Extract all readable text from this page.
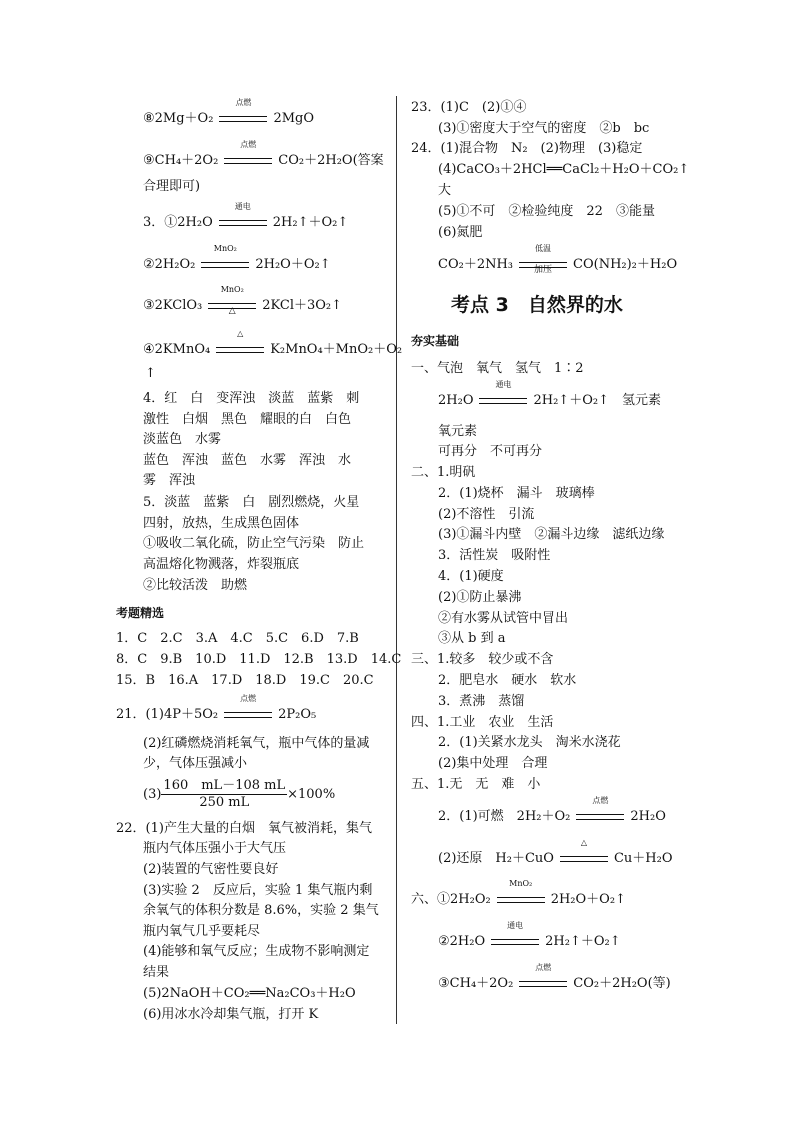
⑧2Mg＋O₂
点燃
2MgO
⑨CH₄＋2O₂
点燃
CO₂＋2H₂O(答案
合理即可)
3．①2H₂O
通电
2H₂↑＋O₂↑
②2H₂O₂
MnO₂
2H₂O＋O₂↑
③2KClO₃
MnO₂
△	2KCl＋3O₂↑
④2KMnO₄
△
K₂MnO₄＋MnO₂＋O₂
↑
4．红　白　变浑浊　淡蓝　蓝紫　刺
激性　白烟　黑色　耀眼的白　白色
淡蓝色　水雾
蓝色　浑浊　蓝色　水雾　浑浊　水
雾　浑浊
5．淡蓝　蓝紫　白　剧烈燃烧，火星
四射，放热，生成黑色固体
①吸收二氧化硫，防止空气污染　防止
高温熔化物溅落，炸裂瓶底
②比较活泼　助燃
考题精选
1．C　2.C　3.A　4.C　5.C　6.D　7.B
8．C　9.B　10.D　11.D　12.B　13.D　14.C
15．B　16.A　17.D　18.D　19.C　20.C
21．(1)4P＋5O₂
点燃
2P₂O₅
(2)红磷燃烧消耗氧气，瓶中气体的量减
少，气体压强减小
$(3) \frac{160 mL-108 mL}{250 mL} \times 100\%$
22．(1)产生大量的白烟　氧气被消耗，集气
瓶内气体压强小于大气压
(2)装置的气密性要良好
(3)实验 2　反应后，实验 1 集气瓶内剩
余氧气的体积分数是 8.6%，实验 2 集气
瓶内氧气几乎要耗尽
(4)能够和氧气反应；生成物不影响测定
结果
(5)2NaOH＋CO₂══Na₂CO₃＋H₂O
(6)用冰水冷却集气瓶，打开 K
23．(1)C　(2)①④
(3)①密度大于空气的密度　②b　bc
24．(1)混合物　N₂　(2)物理　(3)稳定
(4)CaCO₃＋2HCl══CaCl₂＋H₂O＋CO₂↑
大
(5)①不可　②检验纯度　22　③能量
(6)氮肥
CO₂＋2NH₃
低温
加压	CO(NH₂)₂＋H₂O
考点 3　自然界的水
夯实基础
一、气泡　氧气　氢气　1∶2
2H₂O
通电
2H₂↑＋O₂↑　氢元素
氧元素
可再分　不可再分
二、1.明矾
2．(1)烧杯　漏斗　玻璃棒
(2)不溶性　引流
(3)①漏斗内壁　②漏斗边缘　滤纸边缘
3．活性炭　吸附性
4．(1)硬度
(2)①防止暴沸
②有水雾从试管中冒出
③从 b 到 a
三、1.较多　较少或不含
2．肥皂水　硬水　软水
3．煮沸　蒸馏
四、1.工业　农业　生活
2．(1)关紧水龙头　淘米水浇花
(2)集中处理　合理
五、1.无　无　难　小
2．(1)可燃　2H₂＋O₂
点燃
2H₂O
(2)还原　H₂＋CuO
△
Cu＋H₂O
六、①2H₂O₂
MnO₂
2H₂O＋O₂↑
②2H₂O
通电
2H₂↑＋O₂↑
③CH₄＋2O₂
点燃
CO₂＋2H₂O(等)
